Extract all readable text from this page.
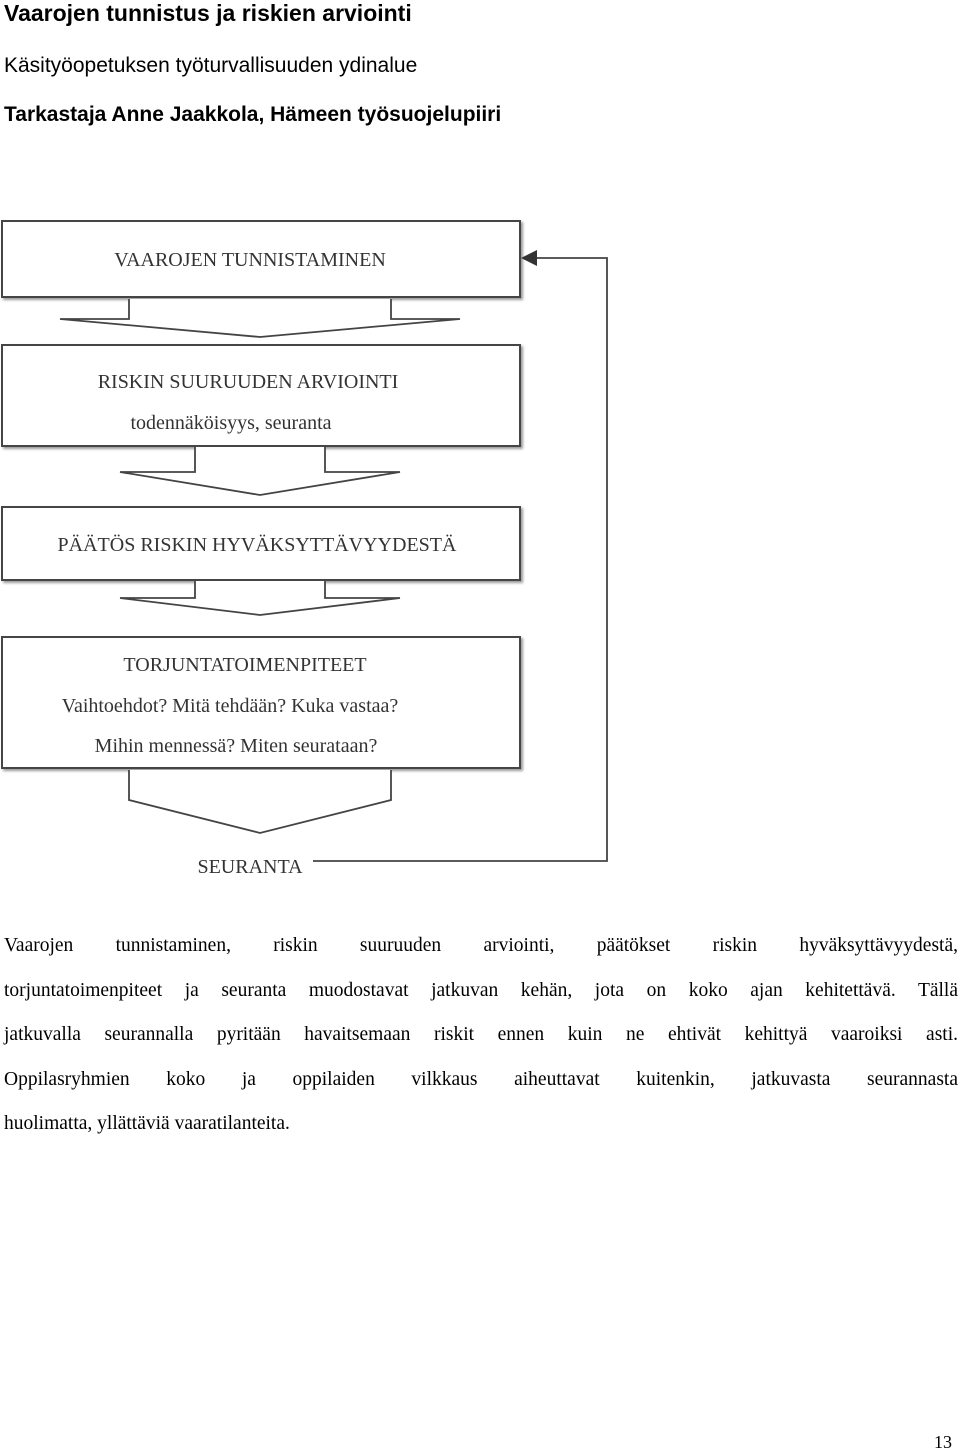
Vaarojen tunnistus ja riskien arviointi
Käsityöopetuksen työturvallisuuden ydinalue
Tarkastaja Anne Jaakkola, Hämeen työsuojelupiiri
VAAROJEN TUNNISTAMINEN
RISKIN SUURUUDEN ARVIOINTI
todennäköisyys, seuranta
PÄÄTÖS RISKIN HYVÄKSYTTÄVYYDESTÄ
TORJUNTATOIMENPITEET
Vaihtoehdot? Mitä tehdään? Kuka vastaa?
Mihin mennessä? Miten seurataan?
SEURANTA
Vaarojen tunnistaminen, riskin suuruuden arviointi, päätökset riskin hyväksyttävyydestä,
torjuntatoimenpiteet ja seuranta muodostavat jatkuvan kehän, jota on koko ajan kehitettävä. Tällä
jatkuvalla seurannalla pyritään havaitsemaan riskit ennen kuin ne ehtivät kehittyä vaaroiksi asti.
Oppilasryhmien koko ja oppilaiden vilkkaus aiheuttavat kuitenkin, jatkuvasta seurannasta
huolimatta, yllättäviä vaaratilanteita.
13
